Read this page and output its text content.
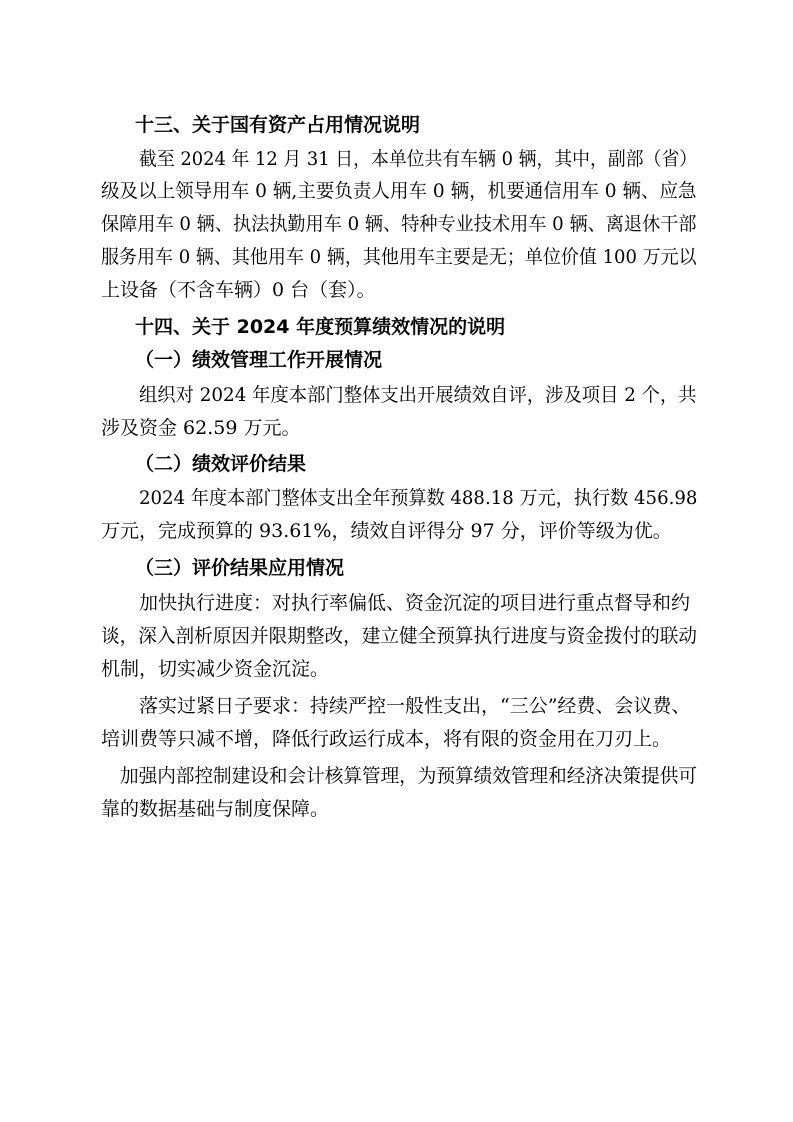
十三、关于国有资产占用情况说明
截至 2024 年 12 月 31 日，本单位共有车辆 0 辆，其中，副部（省）
级及以上领导用车 0 辆,主要负责人用车 0 辆，机要通信用车 0 辆、应急
保障用车 0 辆、执法执勤用车 0 辆、特种专业技术用车 0 辆、离退休干部
服务用车 0 辆、其他用车 0 辆，其他用车主要是无；单位价值 100 万元以
上设备（不含车辆）0 台（套）。
十四、关于 2024 年度预算绩效情况的说明
（一）绩效管理工作开展情况
组织对 2024 年度本部门整体支出开展绩效自评，涉及项目 2 个，共
涉及资金 62.59 万元。
（二）绩效评价结果
2024 年度本部门整体支出全年预算数 488.18 万元，执行数 456.98
万元，完成预算的 93.61%，绩效自评得分 97 分，评价等级为优。
（三）评价结果应用情况
加快执行进度：对执行率偏低、资金沉淀的项目进行重点督导和约
谈，深入剖析原因并限期整改，建立健全预算执行进度与资金拨付的联动
机制，切实减少资金沉淀。
落实过紧日子要求：持续严控一般性支出，“三公”经费、会议费、
培训费等只减不增，降低行政运行成本，将有限的资金用在刀刃上。
加强内部控制建设和会计核算管理，为预算绩效管理和经济决策提供可
靠的数据基础与制度保障。
